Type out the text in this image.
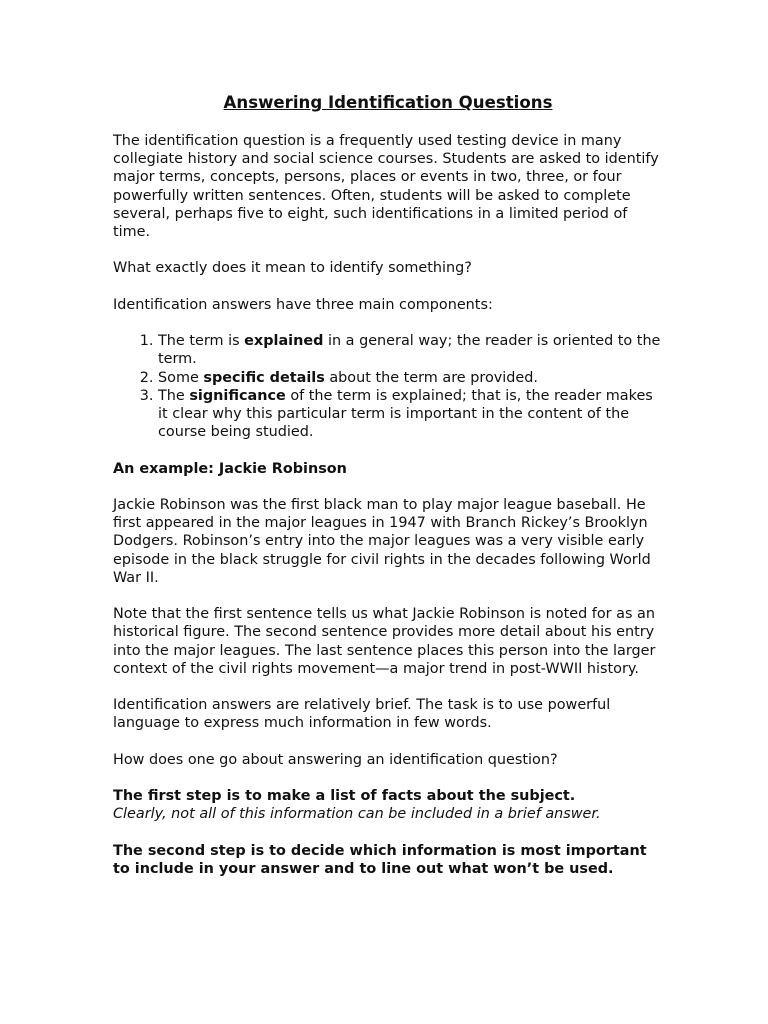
Answering Identification Questions

The identification question is a frequently used testing device in many collegiate history and social science courses. Students are asked to identify major terms, concepts, persons, places or events in two, three, or four powerfully written sentences. Often, students will be asked to complete several, perhaps five to eight, such identifications in a limited period of time.

What exactly does it mean to identify something?

Identification answers have three main components:

1. The term is explained in a general way; the reader is oriented to the term.
2. Some specific details about the term are provided.
3. The significance of the term is explained; that is, the reader makes it clear why this particular term is important in the content of the course being studied.

An example: Jackie Robinson

Jackie Robinson was the first black man to play major league baseball. He first appeared in the major leagues in 1947 with Branch Rickey’s Brooklyn Dodgers. Robinson’s entry into the major leagues was a very visible early episode in the black struggle for civil rights in the decades following World War II.

Note that the first sentence tells us what Jackie Robinson is noted for as an historical figure. The second sentence provides more detail about his entry into the major leagues. The last sentence places this person into the larger context of the civil rights movement—a major trend in post-WWII history.

Identification answers are relatively brief. The task is to use powerful language to express much information in few words.

How does one go about answering an identification question?

The first step is to make a list of facts about the subject.
Clearly, not all of this information can be included in a brief answer.

The second step is to decide which information is most important to include in your answer and to line out what won’t be used.
